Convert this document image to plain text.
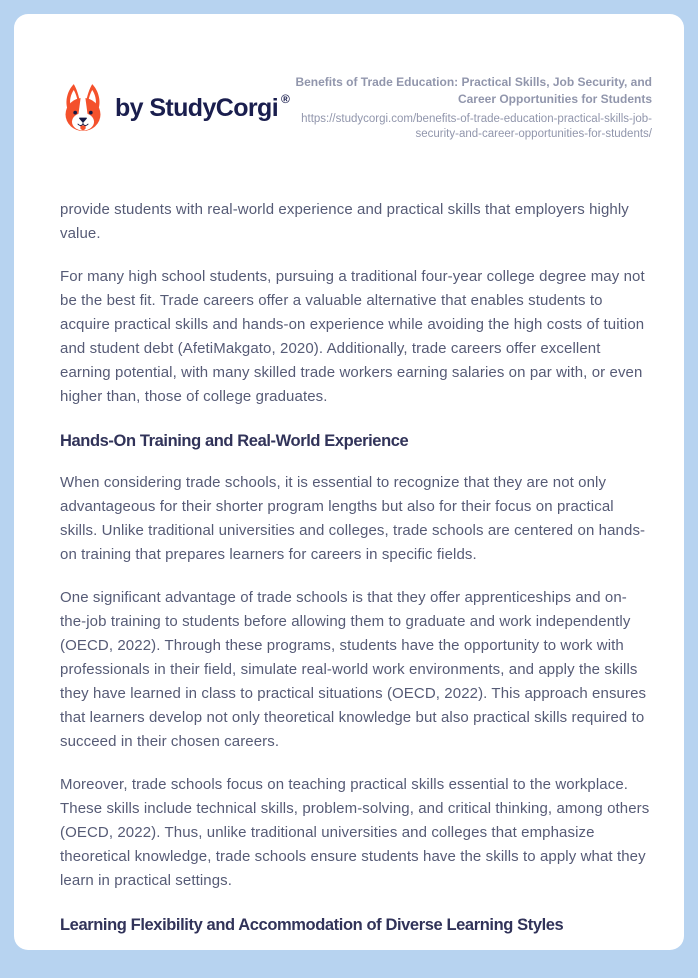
by StudyCorgi ®
Benefits of Trade Education: Practical Skills, Job Security, and Career Opportunities for Students
https://studycorgi.com/benefits-of-trade-education-practical-skills-job-security-and-career-opportunities-for-students/

provide students with real-world experience and practical skills that employers highly value.

For many high school students, pursuing a traditional four-year college degree may not be the best fit. Trade careers offer a valuable alternative that enables students to acquire practical skills and hands-on experience while avoiding the high costs of tuition and student debt (AfetiMakgato, 2020). Additionally, trade careers offer excellent earning potential, with many skilled trade workers earning salaries on par with, or even higher than, those of college graduates.

Hands-On Training and Real-World Experience

When considering trade schools, it is essential to recognize that they are not only advantageous for their shorter program lengths but also for their focus on practical skills. Unlike traditional universities and colleges, trade schools are centered on hands-on training that prepares learners for careers in specific fields.

One significant advantage of trade schools is that they offer apprenticeships and on-the-job training to students before allowing them to graduate and work independently (OECD, 2022). Through these programs, students have the opportunity to work with professionals in their field, simulate real-world work environments, and apply the skills they have learned in class to practical situations (OECD, 2022). This approach ensures that learners develop not only theoretical knowledge but also practical skills required to succeed in their chosen careers.

Moreover, trade schools focus on teaching practical skills essential to the workplace. These skills include technical skills, problem-solving, and critical thinking, among others (OECD, 2022). Thus, unlike traditional universities and colleges that emphasize theoretical knowledge, trade schools ensure students have the skills to apply what they learn in practical settings.

Learning Flexibility and Accommodation of Diverse Learning Styles
